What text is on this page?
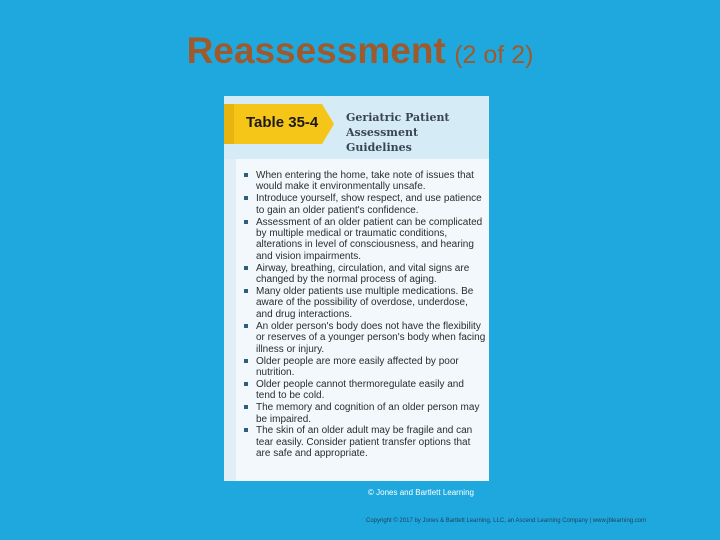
Reassessment (2 of 2)
Table 35-4	Geriatric Patient
Assessment
Guidelines
When entering the home, take note of issues that would make it environmentally unsafe.
Introduce yourself, show respect, and use patience to gain an older patient's confidence.
Assessment of an older patient can be complicated by multiple medical or traumatic conditions, alterations in level of consciousness, and hearing and vision impairments.
Airway, breathing, circulation, and vital signs are changed by the normal process of aging.
Many older patients use multiple medications. Be aware of the possibility of overdose, underdose, and drug interactions.
An older person's body does not have the flexibility or reserves of a younger person's body when facing illness or injury.
Older people are more easily affected by poor nutrition.
Older people cannot thermoregulate easily and tend to be cold.
The memory and cognition of an older person may be impaired.
The skin of an older adult may be fragile and can tear easily. Consider patient transfer options that are safe and appropriate.
© Jones and Bartlett Learning
Copyright © 2017 by Jones & Bartlett Learning, LLC, an Ascend Learning Company | www.jblearning.com
